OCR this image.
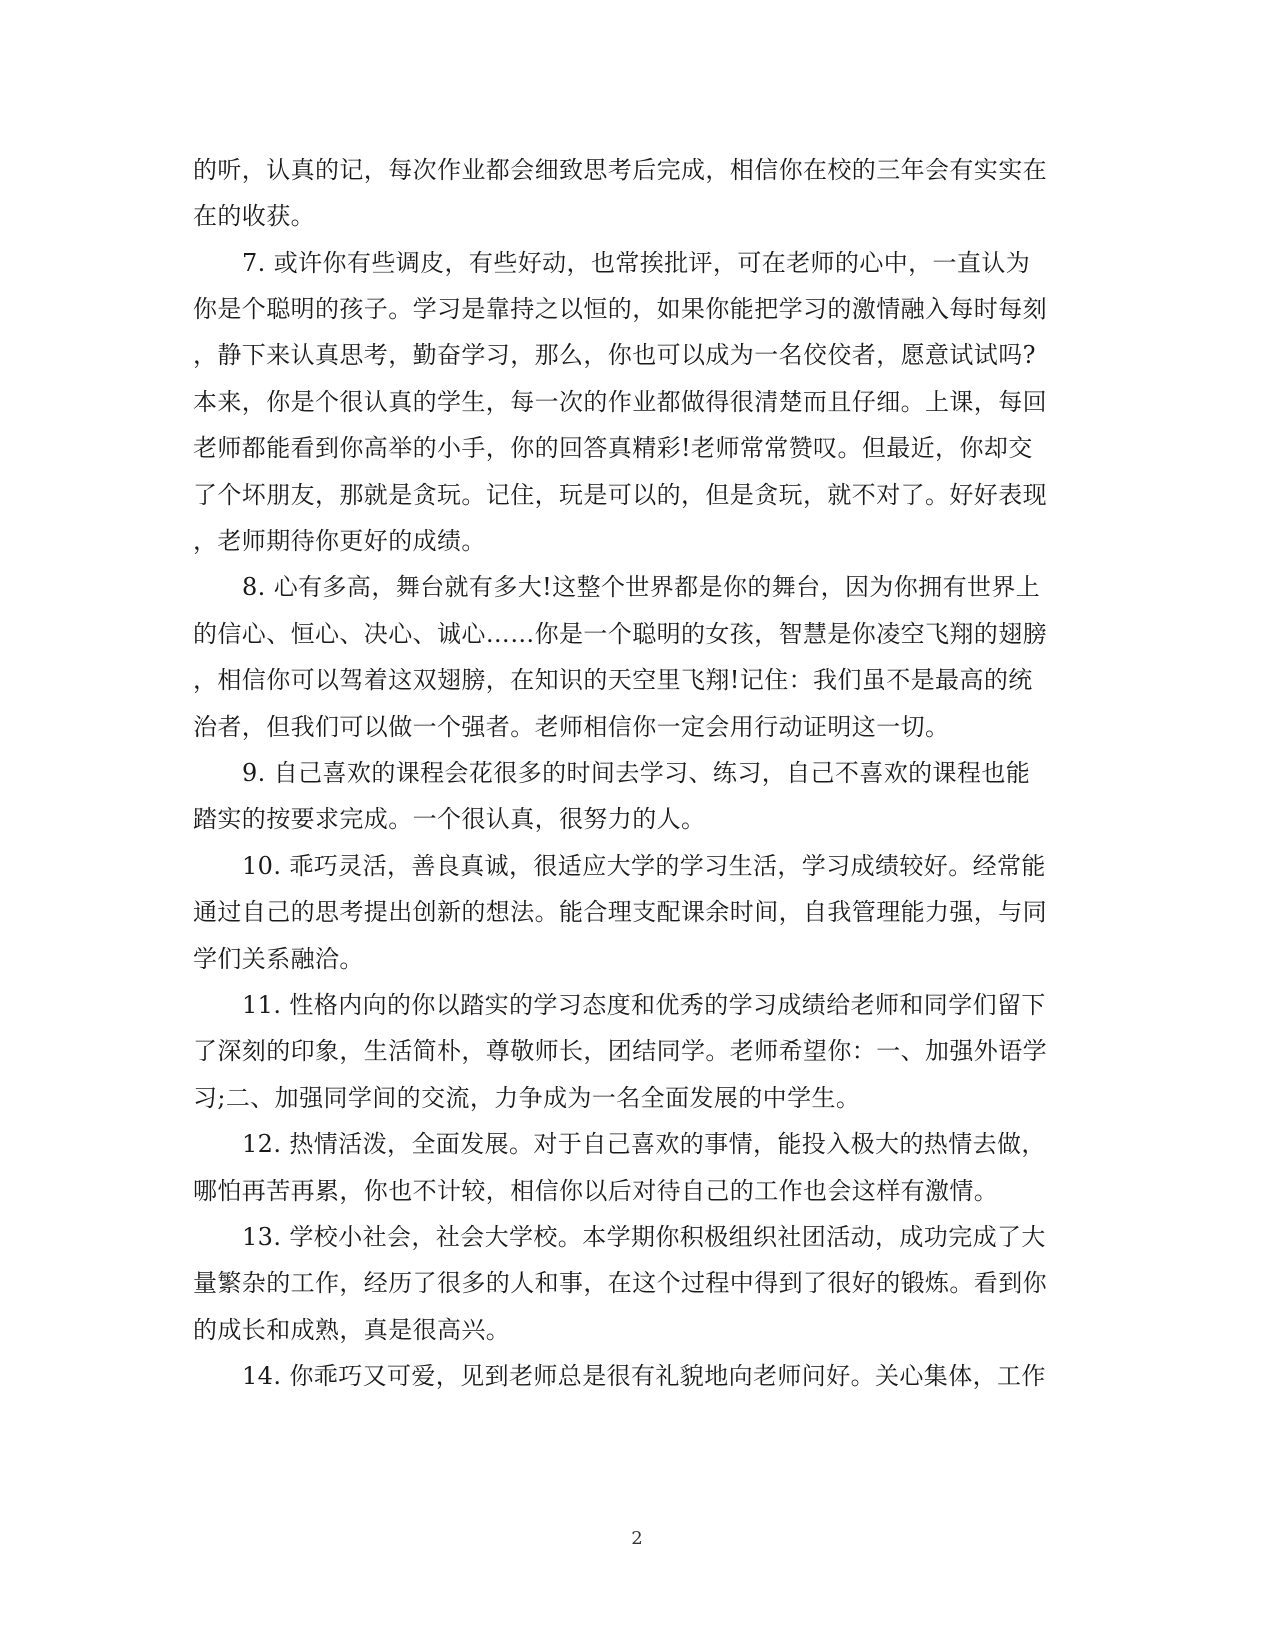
的听，认真的记，每次作业都会细致思考后完成，相信你在校的三年会有实实在
在的收获。
7. 或许你有些调皮，有些好动，也常挨批评，可在老师的心中，一直认为
你是个聪明的孩子。学习是靠持之以恒的，如果你能把学习的激情融入每时每刻
，静下来认真思考，勤奋学习，那么，你也可以成为一名佼佼者，愿意试试吗?
本来，你是个很认真的学生，每一次的作业都做得很清楚而且仔细。上课，每回
老师都能看到你高举的小手，你的回答真精彩!老师常常赞叹。但最近，你却交
了个坏朋友，那就是贪玩。记住，玩是可以的，但是贪玩，就不对了。好好表现
，老师期待你更好的成绩。
8. 心有多高，舞台就有多大!这整个世界都是你的舞台，因为你拥有世界上
的信心、恒心、决心、诚心……你是一个聪明的女孩，智慧是你凌空飞翔的翅膀
，相信你可以驾着这双翅膀，在知识的天空里飞翔!记住：我们虽不是最高的统
治者，但我们可以做一个强者。老师相信你一定会用行动证明这一切。
9. 自己喜欢的课程会花很多的时间去学习、练习，自己不喜欢的课程也能
踏实的按要求完成。一个很认真，很努力的人。
10. 乖巧灵活，善良真诚，很适应大学的学习生活，学习成绩较好。经常能
通过自己的思考提出创新的想法。能合理支配课余时间，自我管理能力强，与同
学们关系融洽。
11. 性格内向的你以踏实的学习态度和优秀的学习成绩给老师和同学们留下
了深刻的印象，生活简朴，尊敬师长，团结同学。老师希望你：一、加强外语学
习;二、加强同学间的交流，力争成为一名全面发展的中学生。
12. 热情活泼，全面发展。对于自己喜欢的事情，能投入极大的热情去做，
哪怕再苦再累，你也不计较，相信你以后对待自己的工作也会这样有激情。
13. 学校小社会，社会大学校。本学期你积极组织社团活动，成功完成了大
量繁杂的工作，经历了很多的人和事，在这个过程中得到了很好的锻炼。看到你
的成长和成熟，真是很高兴。
14. 你乖巧又可爱，见到老师总是很有礼貌地向老师问好。关心集体，工作
2
